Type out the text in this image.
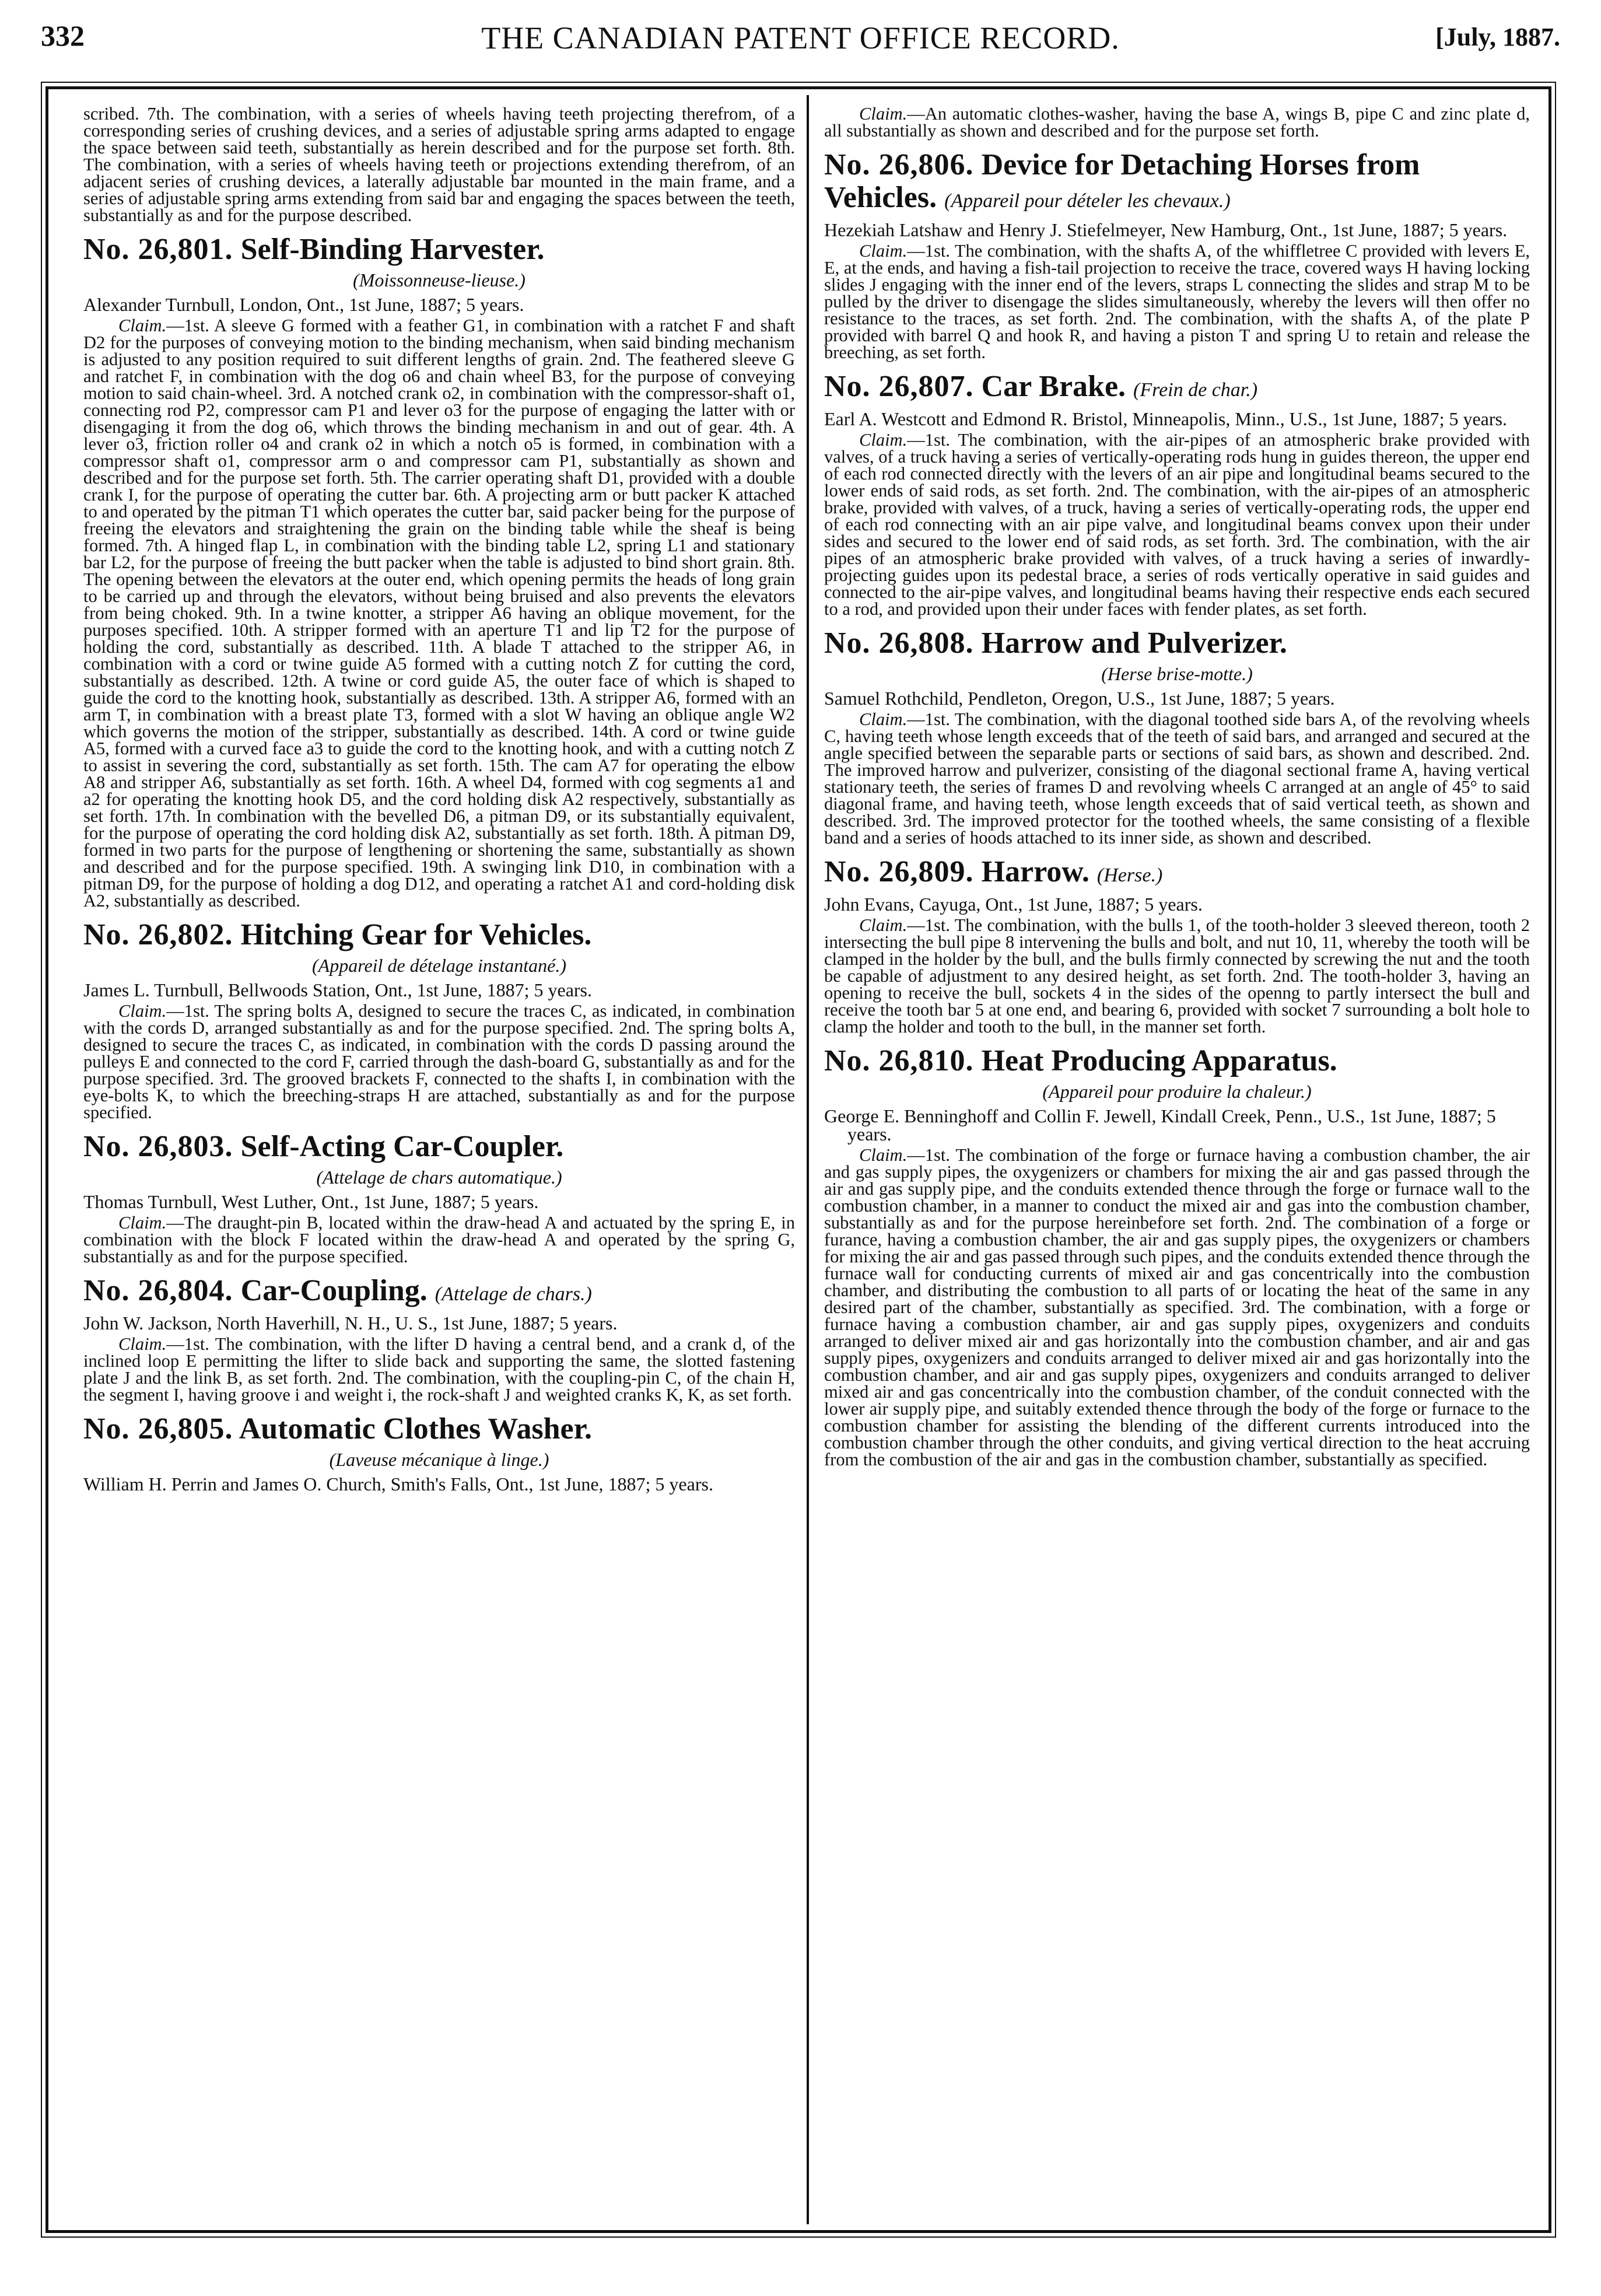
332	THE CANADIAN PATENT OFFICE RECORD.	[July, 1887.

scribed. 7th. The combination, with a series of wheels having teeth projecting therefrom, of a corresponding series of crushing devices, and a series of adjustable spring arms adapted to engage the space between said teeth, substantially as herein described and for the purpose set forth. 8th. The combination, with a series of wheels having teeth or projections extending therefrom, of an adjacent series of crushing devices, a laterally adjustable bar mounted in the main frame, and a series of adjustable spring arms extending from said bar and engaging the spaces between the teeth, substantially as and for the purpose described.

No. 26,801. Self-Binding Harvester.
(Moissonneuse-lieuse.)
Alexander Turnbull, London, Ont., 1st June, 1887; 5 years.

Claim.—1st. A sleeve G formed with a feather G1, in combination with a ratchet F and shaft D2 for the purposes of conveying motion to the binding mechanism, when said binding mechanism is adjusted to any position required to suit different lengths of grain. 2nd. The feathered sleeve G and ratchet F, in combination with the dog o6 and chain wheel B3, for the purpose of conveying motion to said chain-wheel. 3rd. A notched crank o2, in combination with the compressor-shaft o1, connecting rod P2, compressor cam P1 and lever o3 for the purpose of engaging the latter with or disengaging it from the dog o6, which throws the binding mechanism in and out of gear. 4th. A lever o3, friction roller o4 and crank o2 in which a notch o5 is formed, in combination with a compressor shaft o1, compressor arm o and compressor cam P1, substantially as shown and described and for the purpose set forth. 5th. The carrier operating shaft D1, provided with a double crank I, for the purpose of operating the cutter bar. 6th. A projecting arm or butt packer K attached to and operated by the pitman T1 which operates the cutter bar, said packer being for the purpose of freeing the elevators and straightening the grain on the binding table while the sheaf is being formed. 7th. A hinged flap L, in combination with the binding table L2, spring L1 and stationary bar L2, for the purpose of freeing the butt packer when the table is adjusted to bind short grain. 8th. The opening between the elevators at the outer end, which opening permits the heads of long grain to be carried up and through the elevators, without being bruised and also prevents the elevators from being choked. 9th. In a twine knotter, a stripper A6 having an oblique movement, for the purposes specified. 10th. A stripper formed with an aperture T1 and lip T2 for the purpose of holding the cord, substantially as described. 11th. A blade T attached to the stripper A6, in combination with a cord or twine guide A5 formed with a cutting notch Z for cutting the cord, substantially as described. 12th. A twine or cord guide A5, the outer face of which is shaped to guide the cord to the knotting hook, substantially as described. 13th. A stripper A6, formed with an arm T, in combination with a breast plate T3, formed with a slot W having an oblique angle W2 which governs the motion of the stripper, substantially as described. 14th. A cord or twine guide A5, formed with a curved face a3 to guide the cord to the knotting hook, and with a cutting notch Z to assist in severing the cord, substantially as set forth. 15th. The cam A7 for operating the elbow A8 and stripper A6, substantially as set forth. 16th. A wheel D4, formed with cog segments a1 and a2 for operating the knotting hook D5, and the cord holding disk A2 respectively, substantially as set forth. 17th. In combination with the bevelled D6, a pitman D9, or its substantially equivalent, for the purpose of operating the cord holding disk A2, substantially as set forth. 18th. A pitman D9, formed in two parts for the purpose of lengthening or shortening the same, substantially as shown and described and for the purpose specified. 19th. A swinging link D10, in combination with a pitman D9, for the purpose of holding a dog D12, and operating a ratchet A1 and cord-holding disk A2, substantially as described.

No. 26,802. Hitching Gear for Vehicles.
(Appareil de dételage instantané.)
James L. Turnbull, Bellwoods Station, Ont., 1st June, 1887; 5 years.

Claim.—1st. The spring bolts A, designed to secure the traces C, as indicated, in combination with the cords D, arranged substantially as and for the purpose specified. 2nd. The spring bolts A, designed to secure the traces C, as indicated, in combination with the cords D passing around the pulleys E and connected to the cord F, carried through the dash-board G, substantially as and for the purpose specified. 3rd. The grooved brackets F, connected to the shafts I, in combination with the eye-bolts K, to which the breeching-straps H are attached, substantially as and for the purpose specified.

No. 26,803. Self-Acting Car-Coupler.
(Attelage de chars automatique.)
Thomas Turnbull, West Luther, Ont., 1st June, 1887; 5 years.

Claim.—The draught-pin B, located within the draw-head A and actuated by the spring E, in combination with the block F located within the draw-head A and operated by the spring G, substantially as and for the purpose specified.

No. 26,804. Car-Coupling. (Attelage de chars.)
John W. Jackson, North Haverhill, N. H., U. S., 1st June, 1887; 5 years.

Claim.—1st. The combination, with the lifter D having a central bend, and a crank d, of the inclined loop E permitting the lifter to slide back and supporting the same, the slotted fastening plate J and the link B, as set forth. 2nd. The combination, with the coupling-pin C, of the chain H, the segment I, having groove i and weight i, the rock-shaft J and weighted cranks K, K, as set forth.

No. 26,805. Automatic Clothes Washer.
(Laveuse mécanique à linge.)
William H. Perrin and James O. Church, Smith's Falls, Ont., 1st June, 1887; 5 years.

Claim.—An automatic clothes-washer, having the base A, wings B, pipe C and zinc plate d, all substantially as shown and described and for the purpose set forth.

No. 26,806. Device for Detaching Horses from Vehicles. (Appareil pour dételer les chevaux.)
Hezekiah Latshaw and Henry J. Stiefelmeyer, New Hamburg, Ont., 1st June, 1887; 5 years.

Claim.—1st. The combination, with the shafts A, of the whiffletree C provided with levers E, E, at the ends, and having a fish-tail projection to receive the trace, covered ways H having locking slides J engaging with the inner end of the levers, straps L connecting the slides and strap M to be pulled by the driver to disengage the slides simultaneously, whereby the levers will then offer no resistance to the traces, as set forth. 2nd. The combination, with the shafts A, of the plate P provided with barrel Q and hook R, and having a piston T and spring U to retain and release the breeching, as set forth.

No. 26,807. Car Brake. (Frein de char.)
Earl A. Westcott and Edmond R. Bristol, Minneapolis, Minn., U.S., 1st June, 1887; 5 years.

Claim.—1st. The combination, with the air-pipes of an atmospheric brake provided with valves, of a truck having a series of vertically-operating rods hung in guides thereon, the upper end of each rod connected directly with the levers of an air pipe and longitudinal beams secured to the lower ends of said rods, as set forth. 2nd. The combination, with the air-pipes of an atmospheric brake, provided with valves, of a truck, having a series of vertically-operating rods, the upper end of each rod connecting with an air pipe valve, and longitudinal beams convex upon their under sides and secured to the lower end of said rods, as set forth. 3rd. The combination, with the air pipes of an atmospheric brake provided with valves, of a truck having a series of inwardly-projecting guides upon its pedestal brace, a series of rods vertically operative in said guides and connected to the air-pipe valves, and longitudinal beams having their respective ends each secured to a rod, and provided upon their under faces with fender plates, as set forth.

No. 26,808. Harrow and Pulverizer.
(Herse brise-motte.)
Samuel Rothchild, Pendleton, Oregon, U.S., 1st June, 1887; 5 years.

Claim.—1st. The combination, with the diagonal toothed side bars A, of the revolving wheels C, having teeth whose length exceeds that of the teeth of said bars, and arranged and secured at the angle specified between the separable parts or sections of said bars, as shown and described. 2nd. The improved harrow and pulverizer, consisting of the diagonal sectional frame A, having vertical stationary teeth, the series of frames D and revolving wheels C arranged at an angle of 45° to said diagonal frame, and having teeth, whose length exceeds that of said vertical teeth, as shown and described. 3rd. The improved protector for the toothed wheels, the same consisting of a flexible band and a series of hoods attached to its inner side, as shown and described.

No. 26,809. Harrow. (Herse.)
John Evans, Cayuga, Ont., 1st June, 1887; 5 years.

Claim.—1st. The combination, with the bulls 1, of the tooth-holder 3 sleeved thereon, tooth 2 intersecting the bull pipe 8 intervening the bulls and bolt, and nut 10, 11, whereby the tooth will be clamped in the holder by the bull, and the bulls firmly connected by screwing the nut and the tooth be capable of adjustment to any desired height, as set forth. 2nd. The tooth-holder 3, having an opening to receive the bull, sockets 4 in the sides of the openng to partly intersect the bull and receive the tooth bar 5 at one end, and bearing 6, provided with socket 7 surrounding a bolt hole to clamp the holder and tooth to the bull, in the manner set forth.

No. 26,810. Heat Producing Apparatus.
(Appareil pour produire la chaleur.)
George E. Benninghoff and Collin F. Jewell, Kindall Creek, Penn., U.S., 1st June, 1887; 5 years.

Claim.—1st. The combination of the forge or furnace having a combustion chamber, the air and gas supply pipes, the oxygenizers or chambers for mixing the air and gas passed through the air and gas supply pipe, and the conduits extended thence through the forge or furnace wall to the combustion chamber, in a manner to conduct the mixed air and gas into the combustion chamber, substantially as and for the purpose hereinbefore set forth. 2nd. The combination of a forge or furance, having a combustion chamber, the air and gas supply pipes, the oxygenizers or chambers for mixing the air and gas passed through such pipes, and the conduits extended thence through the furnace wall for conducting currents of mixed air and gas concentrically into the combustion chamber, and distributing the combustion to all parts of or locating the heat of the same in any desired part of the chamber, substantially as specified. 3rd. The combination, with a forge or furnace having a combustion chamber, air and gas supply pipes, oxygenizers and conduits arranged to deliver mixed air and gas horizontally into the combustion chamber, and air and gas supply pipes, oxygenizers and conduits arranged to deliver mixed air and gas horizontally into the combustion chamber, and air and gas supply pipes, oxygenizers and conduits arranged to deliver mixed air and gas concentrically into the combustion chamber, of the conduit connected with the lower air supply pipe, and suitably extended thence through the body of the forge or furnace to the combustion chamber for assisting the blending of the different currents introduced into the combustion chamber through the other conduits, and giving vertical direction to the heat accruing from the combustion of the air and gas in the combustion chamber, substantially as specified.
